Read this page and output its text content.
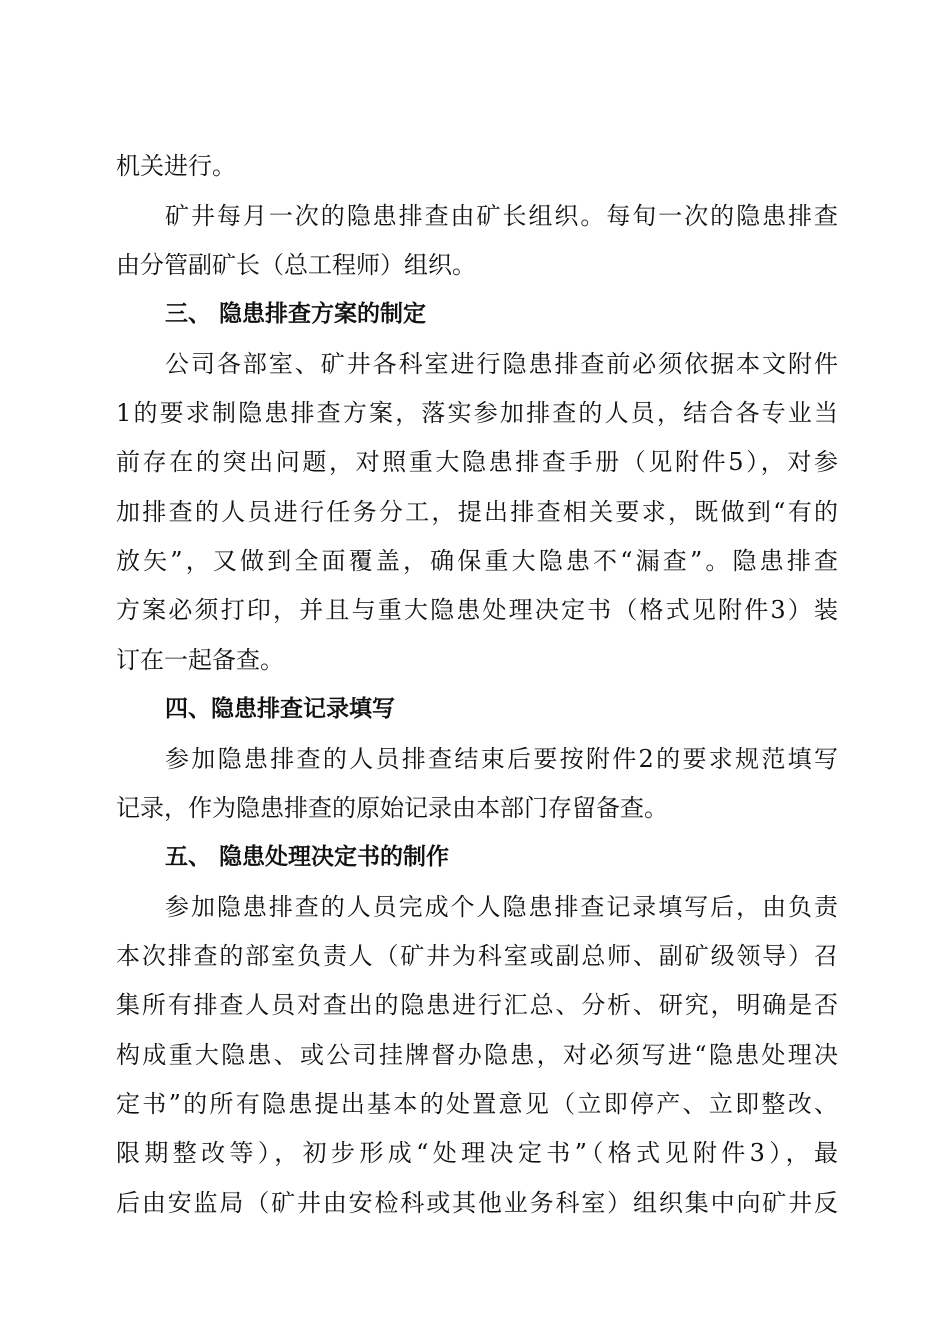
机关进行。
矿井每月一次的隐患排查由矿长组织。每旬一次的隐患排查
由分管副矿长（总工程师）组织。
三、 隐患排查方案的制定
公司各部室、矿井各科室进行隐患排查前必须依据本文附件
1的要求制隐患排查方案，落实参加排查的人员，结合各专业当
前存在的突出问题，对照重大隐患排查手册（见附件5），对参
加排查的人员进行任务分工，提出排查相关要求，既做到“有的
放矢”，又做到全面覆盖，确保重大隐患不“漏查”。隐患排查
方案必须打印，并且与重大隐患处理决定书（格式见附件3）装
订在一起备查。
四、隐患排查记录填写
参加隐患排查的人员排查结束后要按附件2的要求规范填写
记录，作为隐患排查的原始记录由本部门存留备查。
五、 隐患处理决定书的制作
参加隐患排查的人员完成个人隐患排查记录填写后，由负责
本次排查的部室负责人（矿井为科室或副总师、副矿级领导）召
集所有排查人员对查出的隐患进行汇总、分析、研究，明确是否
构成重大隐患、或公司挂牌督办隐患，对必须写进“隐患处理决
定书”的所有隐患提出基本的处置意见（立即停产、立即整改、
限期整改等），初步形成“处理决定书”（格式见附件3），最
后由安监局（矿井由安检科或其他业务科室）组织集中向矿井反
